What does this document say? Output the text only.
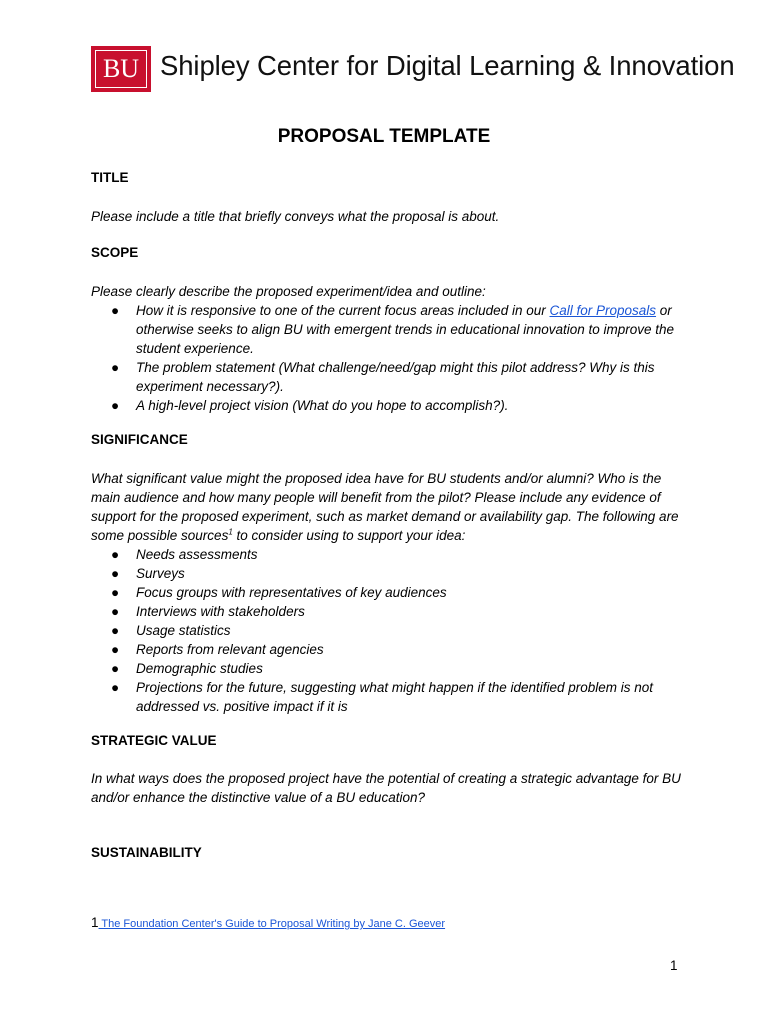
BU Shipley Center for Digital Learning & Innovation
PROPOSAL TEMPLATE
TITLE
Please include a title that briefly conveys what the proposal is about.
SCOPE
Please clearly describe the proposed experiment/idea and outline:
● How it is responsive to one of the current focus areas included in our Call for Proposals or otherwise seeks to align BU with emergent trends in educational innovation to improve the student experience.
● The problem statement (What challenge/need/gap might this pilot address? Why is this experiment necessary?).
● A high-level project vision (What do you hope to accomplish?).
SIGNIFICANCE
What significant value might the proposed idea have for BU students and/or alumni? Who is the main audience and how many people will benefit from the pilot? Please include any evidence of support for the proposed experiment, such as market demand or availability gap. The following are some possible sources$^1$ to consider using to support your idea:
● Needs assessments
● Surveys
● Focus groups with representatives of key audiences
● Interviews with stakeholders
● Usage statistics
● Reports from relevant agencies
● Demographic studies
● Projections for the future, suggesting what might happen if the identified problem is not addressed vs. positive impact if it is
STRATEGIC VALUE
In what ways does the proposed project have the potential of creating a strategic advantage for BU and/or enhance the distinctive value of a BU education?
SUSTAINABILITY
1 The Foundation Center's Guide to Proposal Writing by Jane C. Geever
1
